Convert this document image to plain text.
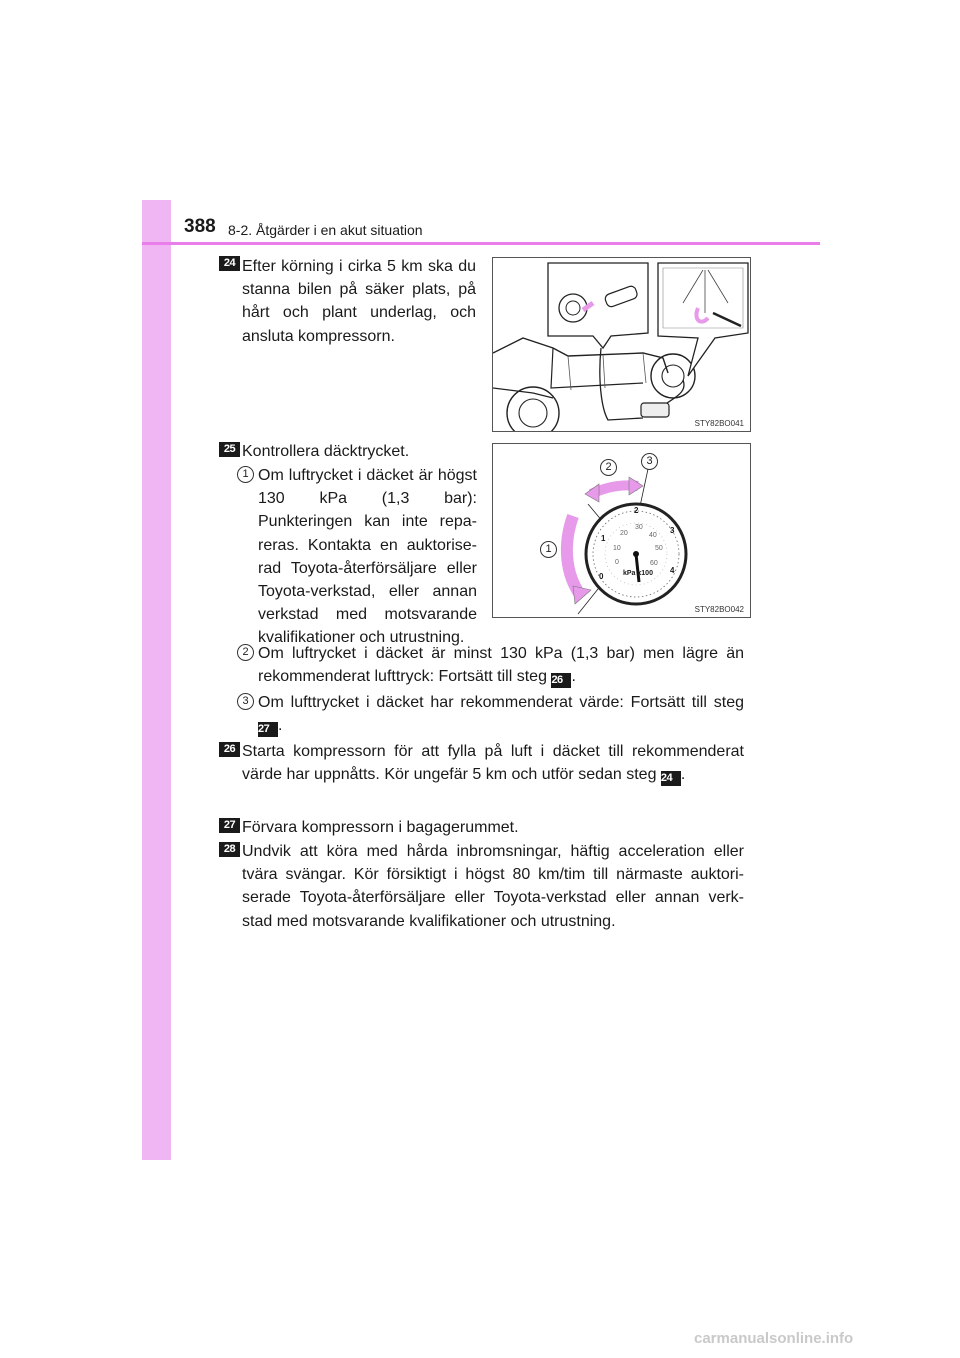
388 8-2. Åtgärder i en akut situation
24 Efter körning i cirka 5 km ska du stanna bilen på säker plats, på hårt och plant underlag, och ansluta kompressorn.
STY82BO041
25 Kontrollera däcktrycket.
1 Om luftrycket i däcket är högst 130 kPa (1,3 bar): Punkteringen kan inte repa-reras. Kontakta en auktorise-rad Toyota-återförsäljare eller Toyota-verkstad, eller annan verkstad med motsvarande kvalifikationer och utrustning.
0
1
2
3
4
0
10
20
30
40
50
60
kPa x100
1
2	3
STY82BO042
2 Om luftrycket i däcket är minst 130 kPa (1,3 bar) men lägre än rekommenderat lufttryck: Fortsätt till steg 26 .
3 Om lufttrycket i däcket har rekommenderat värde: Fortsätt till steg 27 .
26 Starta kompressorn för att fylla på luft i däcket till rekommenderat värde har uppnåtts. Kör ungefär 5 km och utför sedan steg 24 .
27 Förvara kompressorn i bagagerummet.
28 Undvik att köra med hårda inbromsningar, häftig acceleration eller tvära svängar. Kör försiktigt i högst 80 km/tim till närmaste auktori-serade Toyota-återförsäljare eller Toyota-verkstad eller annan verk-stad med motsvarande kvalifikationer och utrustning.
carmanualsonline.info
